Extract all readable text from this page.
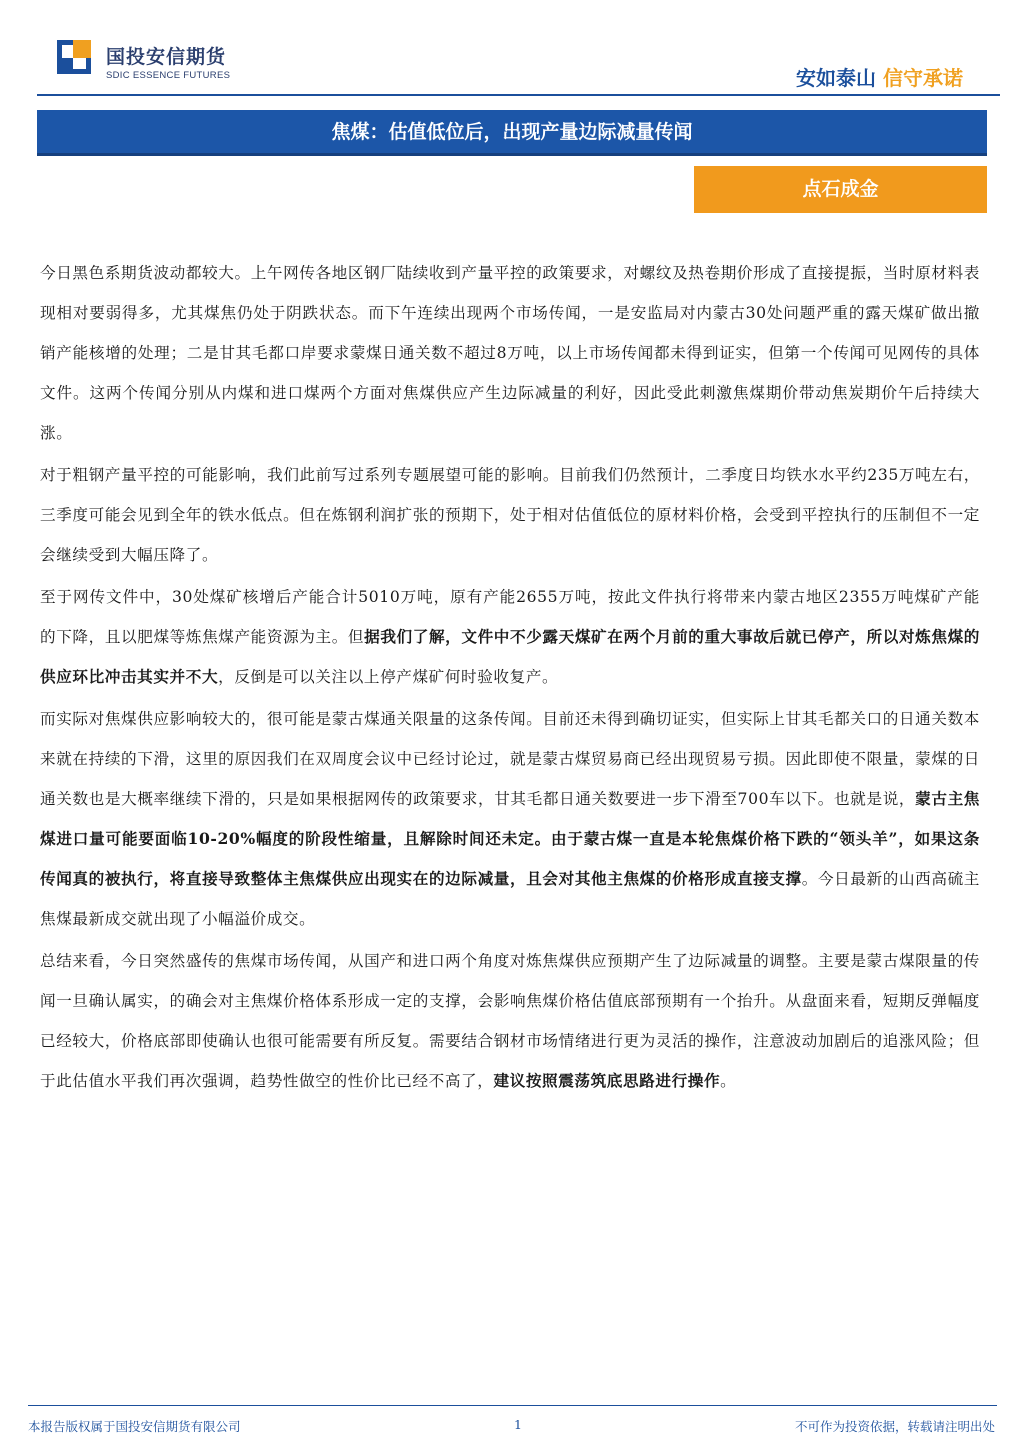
国投安信期货
SDIC ESSENCE FUTURES	安如泰山 信守承诺
焦煤：估值低位后，出现产量边际减量传闻
点石成金

今日黑色系期货波动都较大。上午网传各地区钢厂陆续收到产量平控的政策要求，对螺纹及热卷期价形成了直接提振，当时原材料表现相对要弱得多，尤其煤焦仍处于阴跌状态。而下午连续出现两个市场传闻，一是安监局对内蒙古30处问题严重的露天煤矿做出撤销产能核增的处理；二是甘其毛都口岸要求蒙煤日通关数不超过8万吨，以上市场传闻都未得到证实，但第一个传闻可见网传的具体文件。这两个传闻分别从内煤和进口煤两个方面对焦煤供应产生边际减量的利好，因此受此刺激焦煤期价带动焦炭期价午后持续大涨。

对于粗钢产量平控的可能影响，我们此前写过系列专题展望可能的影响。目前我们仍然预计，二季度日均铁水水平约235万吨左右，三季度可能会见到全年的铁水低点。但在炼钢利润扩张的预期下，处于相对估值低位的原材料价格，会受到平控执行的压制但不一定会继续受到大幅压降了。

至于网传文件中，30处煤矿核增后产能合计5010万吨，原有产能2655万吨，按此文件执行将带来内蒙古地区2355万吨煤矿产能的下降，且以肥煤等炼焦煤产能资源为主。但据我们了解，文件中不少露天煤矿在两个月前的重大事故后就已停产，所以对炼焦煤的供应环比冲击其实并不大，反倒是可以关注以上停产煤矿何时验收复产。

而实际对焦煤供应影响较大的，很可能是蒙古煤通关限量的这条传闻。目前还未得到确切证实，但实际上甘其毛都关口的日通关数本来就在持续的下滑，这里的原因我们在双周度会议中已经讨论过，就是蒙古煤贸易商已经出现贸易亏损。因此即使不限量，蒙煤的日通关数也是大概率继续下滑的，只是如果根据网传的政策要求，甘其毛都日通关数要进一步下滑至700车以下。也就是说，蒙古主焦煤进口量可能要面临10-20%幅度的阶段性缩量，且解除时间还未定。由于蒙古煤一直是本轮焦煤价格下跌的“领头羊”，如果这条传闻真的被执行，将直接导致整体主焦煤供应出现实在的边际减量，且会对其他主焦煤的价格形成直接支撑。今日最新的山西高硫主焦煤最新成交就出现了小幅溢价成交。

总结来看，今日突然盛传的焦煤市场传闻，从国产和进口两个角度对炼焦煤供应预期产生了边际减量的调整。主要是蒙古煤限量的传闻一旦确认属实，的确会对主焦煤价格体系形成一定的支撑，会影响焦煤价格估值底部预期有一个抬升。从盘面来看，短期反弹幅度已经较大，价格底部即使确认也很可能需要有所反复。需要结合钢材市场情绪进行更为灵活的操作，注意波动加剧后的追涨风险；但于此估值水平我们再次强调，趋势性做空的性价比已经不高了，建议按照震荡筑底思路进行操作。

本报告版权属于国投安信期货有限公司	1	不可作为投资依据，转载请注明出处
